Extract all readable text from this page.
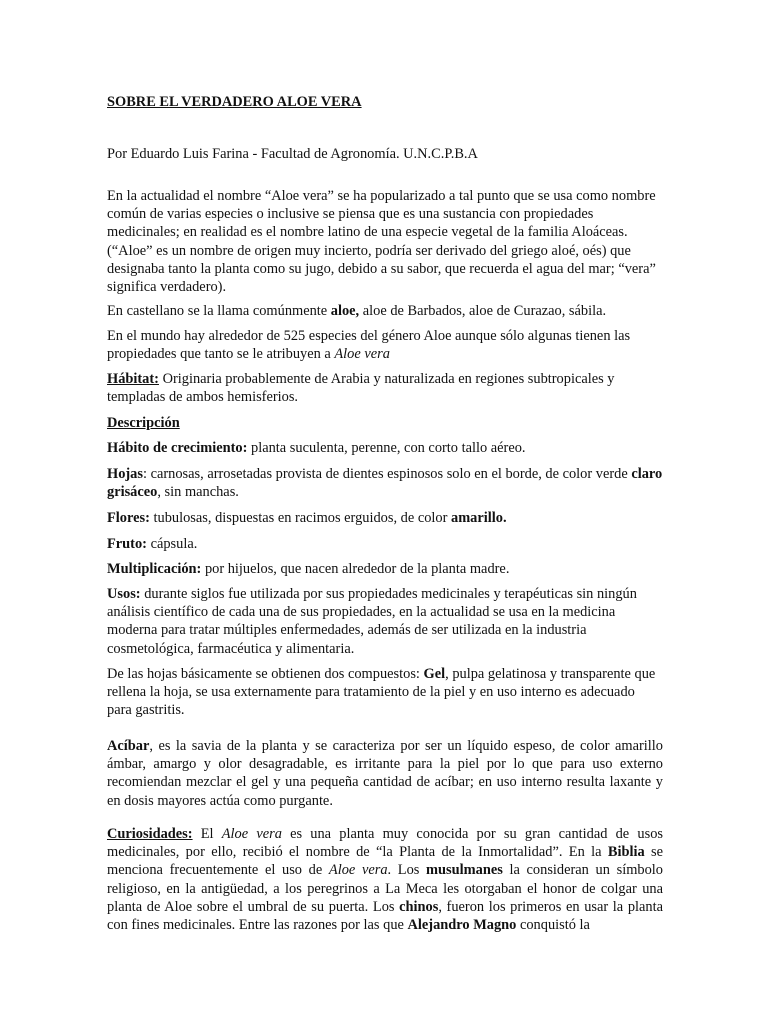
SOBRE EL VERDADERO ALOE VERA

Por Eduardo Luis Farina - Facultad de Agronomía. U.N.C.P.B.A

En la actualidad el nombre “Aloe vera” se ha popularizado a tal punto que se usa como nombre común de varias especies o inclusive se piensa que es una sustancia con propiedades medicinales; en realidad es el nombre latino de una especie vegetal de la familia Aloáceas. (“Aloe” es un nombre de origen muy incierto, podría ser derivado del griego aloé, oés) que designaba tanto la planta como su jugo, debido a su sabor, que recuerda el agua del mar; “vera” significa verdadero).

En castellano se la llama comúnmente aloe, aloe de Barbados, aloe de Curazao, sábila.

En el mundo hay alrededor de 525 especies del género Aloe aunque sólo algunas tienen las propiedades que tanto se le atribuyen a Aloe vera

Hábitat: Originaria probablemente de Arabia y naturalizada en regiones subtropicales y templadas de ambos hemisferios.

Descripción

Hábito de crecimiento: planta suculenta, perenne, con corto tallo aéreo.

Hojas: carnosas, arrosetadas provista de dientes espinosos solo en el borde, de color verde claro grisáceo, sin manchas.

Flores: tubulosas, dispuestas en racimos erguidos, de color amarillo.

Fruto: cápsula.

Multiplicación: por hijuelos, que nacen alrededor de la planta madre.

Usos: durante siglos fue utilizada por sus propiedades medicinales y terapéuticas sin ningún análisis científico de cada una de sus propiedades, en la actualidad se usa en la medicina moderna para tratar múltiples enfermedades, además de ser utilizada en la industria cosmetológica, farmacéutica y alimentaria.

De las hojas básicamente se obtienen dos compuestos: Gel, pulpa gelatinosa y transparente que rellena la hoja, se usa externamente para tratamiento de la piel y en uso interno es adecuado para gastritis.

Acíbar, es la savia de la planta y se caracteriza por ser un líquido espeso, de color amarillo ámbar, amargo y olor desagradable, es irritante para la piel por lo que para uso externo recomiendan mezclar el gel y una pequeña cantidad de acíbar; en uso interno resulta laxante y en dosis mayores actúa como purgante.

Curiosidades: El Aloe vera es una planta muy conocida por su gran cantidad de usos medicinales, por ello, recibió el nombre de “la Planta de la Inmortalidad”. En la Biblia se menciona frecuentemente el uso de Aloe vera. Los musulmanes la consideran un símbolo religioso, en la antigüedad, a los peregrinos a La Meca les otorgaban el honor de colgar una planta de Aloe sobre el umbral de su puerta. Los chinos, fueron los primeros en usar la planta con fines medicinales. Entre las razones por las que Alejandro Magno conquistó la
